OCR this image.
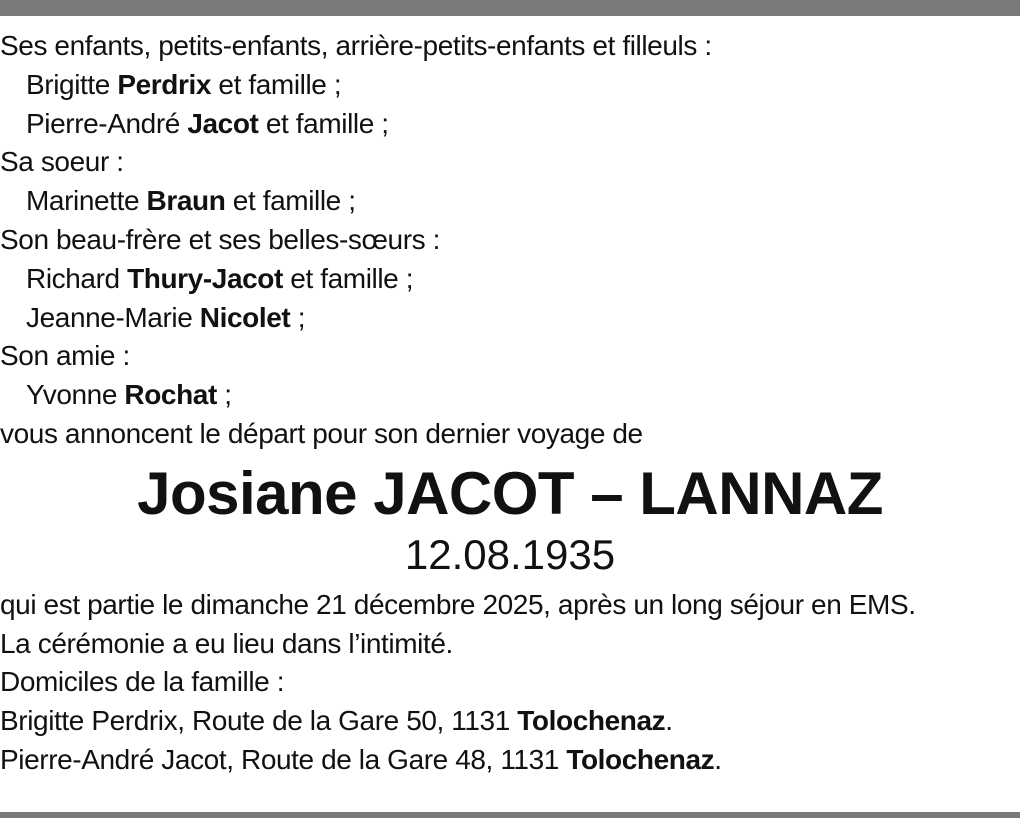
Ses enfants, petits-enfants, arrière-petits-enfants et filleuls :
Brigitte Perdrix et famille ;
Pierre-André Jacot et famille ;
Sa soeur :
Marinette Braun et famille ;
Son beau-frère et ses belles-sœurs :
Richard Thury-Jacot et famille ;
Jeanne-Marie Nicolet ;
Son amie :
Yvonne Rochat ;
vous annoncent le départ pour son dernier voyage de
Josiane JACOT – LANNAZ
12.08.1935
qui est partie le dimanche 21 décembre 2025, après un long séjour en EMS.
La cérémonie a eu lieu dans l’intimité.
Domiciles de la famille :
Brigitte Perdrix, Route de la Gare 50, 1131 Tolochenaz.
Pierre-André Jacot, Route de la Gare 48, 1131 Tolochenaz.
